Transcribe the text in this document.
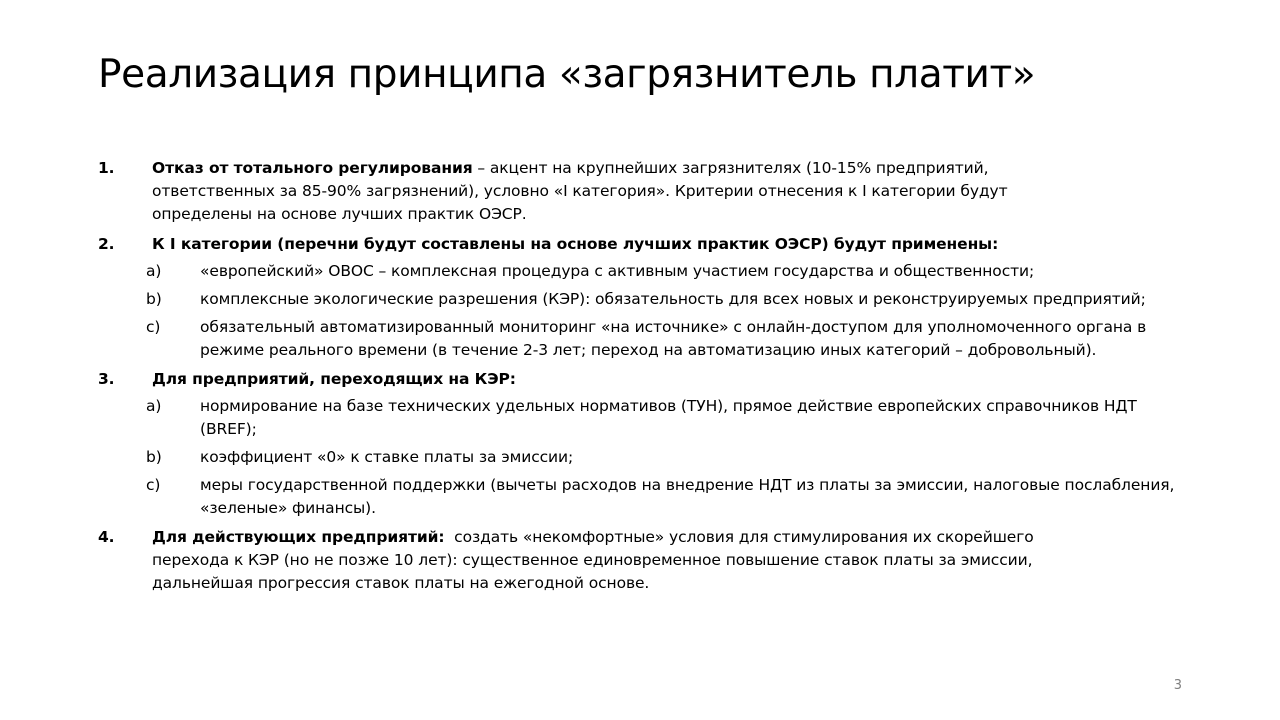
Реализация принципа «загрязнитель платит»
1. Отказ от тотального регулирования – акцент на крупнейших загрязнителях (10-15% предприятий, ответственных за 85-90% загрязнений), условно «I категория». Критерии отнесения к I категории будут определены на основе лучших практик ОЭСР.
2. К I категории (перечни будут составлены на основе лучших практик ОЭСР) будут применены:
a) «европейский» ОВОС – комплексная процедура с активным участием государства и общественности;
b) комплексные экологические разрешения (КЭР): обязательность для всех новых и реконструируемых предприятий;
c)	обязательный автоматизированный мониторинг «на источнике» с онлайн-доступом для уполномоченного органа в режиме реального времени (в течение 2-3 лет; переход на автоматизацию иных категорий – добровольный).
3. Для предприятий, переходящих на КЭР:
a) нормирование на базе технических удельных нормативов (ТУН), прямое действие европейских справочников НДТ (BREF);
b) коэффициент «0» к ставке платы за эмиссии;
c)	меры государственной поддержки (вычеты расходов на внедрение НДТ из платы за эмиссии, налоговые послабления, «зеленые» финансы).
4. Для действующих предприятий:  создать «некомфортные» условия для стимулирования их скорейшего перехода к КЭР (но не позже 10 лет): существенное единовременное повышение ставок платы за эмиссии, дальнейшая прогрессия ставок платы на ежегодной основе.
3
